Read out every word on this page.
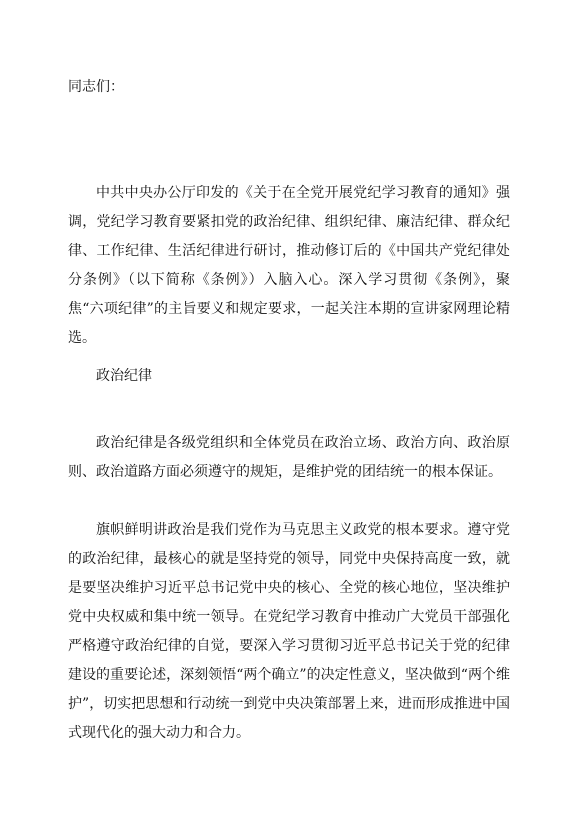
同志们：

中共中央办公厅印发的《关于在全党开展党纪学习教育的通知》强调，党纪学习教育要紧扣党的政治纪律、组织纪律、廉洁纪律、群众纪律、工作纪律、生活纪律进行研讨，推动修订后的《中国共产党纪律处分条例》（以下简称《条例》）入脑入心。深入学习贯彻《条例》，聚焦“六项纪律”的主旨要义和规定要求，一起关注本期的宣讲家网理论精选。

政治纪律

政治纪律是各级党组织和全体党员在政治立场、政治方向、政治原则、政治道路方面必须遵守的规矩，是维护党的团结统一的根本保证。

旗帜鲜明讲政治是我们党作为马克思主义政党的根本要求。遵守党的政治纪律，最核心的就是坚持党的领导，同党中央保持高度一致，就是要坚决维护习近平总书记党中央的核心、全党的核心地位，坚决维护党中央权威和集中统一领导。在党纪学习教育中推动广大党员干部强化严格遵守政治纪律的自觉，要深入学习贯彻习近平总书记关于党的纪律建设的重要论述，深刻领悟“两个确立”的决定性意义，坚决做到“两个维护”，切实把思想和行动统一到党中央决策部署上来，进而形成推进中国式现代化的强大动力和合力。
